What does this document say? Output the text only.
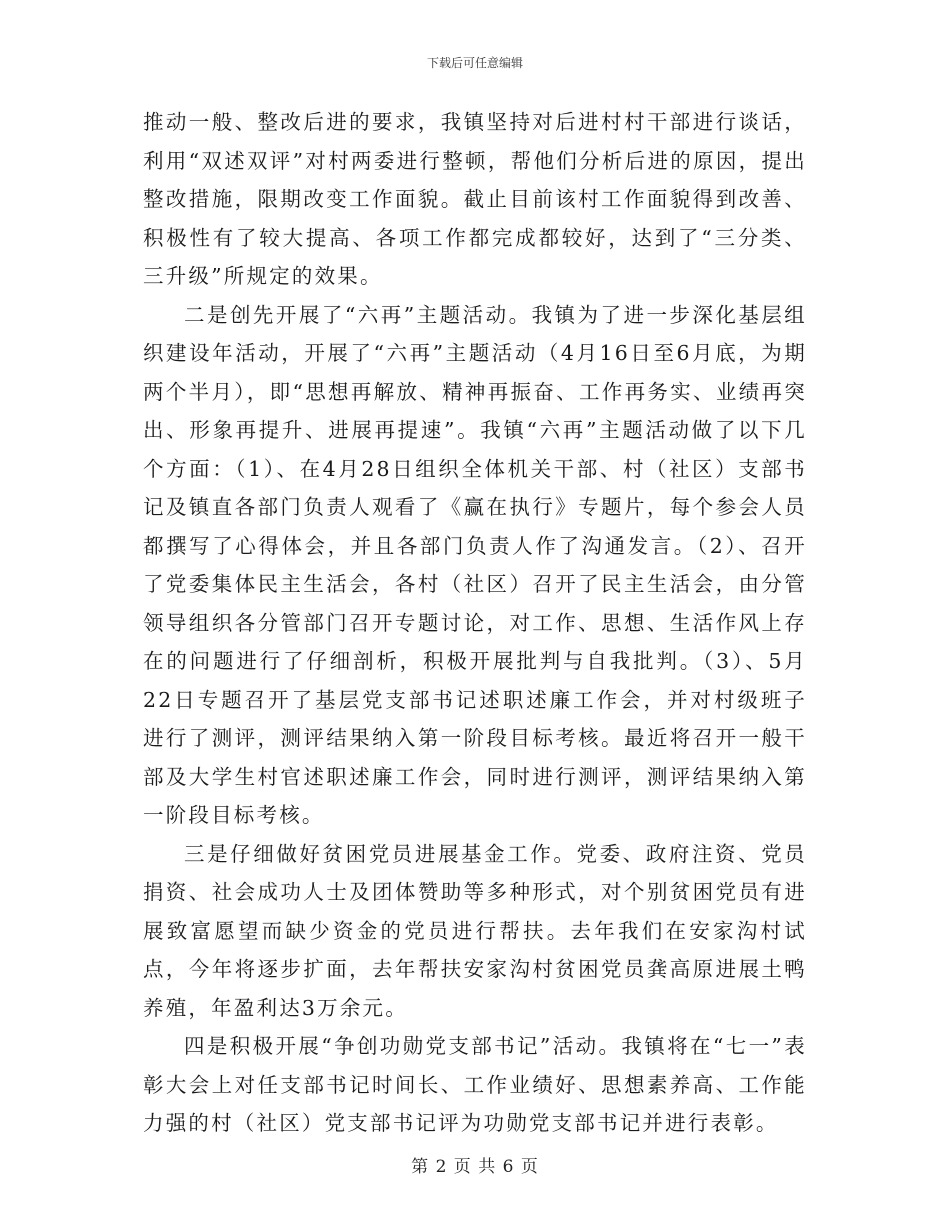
下载后可任意编辑

推动一般、整改后进的要求，我镇坚持对后进村村干部进行谈话，利用“双述双评”对村两委进行整顿，帮他们分析后进的原因，提出整改措施，限期改变工作面貌。截止目前该村工作面貌得到改善、积极性有了较大提高、各项工作都完成都较好，达到了“三分类、三升级”所规定的效果。

二是创先开展了“六再”主题活动。我镇为了进一步深化基层组织建设年活动，开展了“六再”主题活动（4月16日至6月底，为期两个半月），即“思想再解放、精神再振奋、工作再务实、业绩再突出、形象再提升、进展再提速”。我镇“六再”主题活动做了以下几个方面：（1）、在4月28日组织全体机关干部、村（社区）支部书记及镇直各部门负责人观看了《赢在执行》专题片，每个参会人员都撰写了心得体会，并且各部门负责人作了沟通发言。（2）、召开了党委集体民主生活会，各村（社区）召开了民主生活会，由分管领导组织各分管部门召开专题讨论，对工作、思想、生活作风上存在的问题进行了仔细剖析，积极开展批判与自我批判。（3）、5月22日专题召开了基层党支部书记述职述廉工作会，并对村级班子进行了测评，测评结果纳入第一阶段目标考核。最近将召开一般干部及大学生村官述职述廉工作会，同时进行测评，测评结果纳入第一阶段目标考核。

三是仔细做好贫困党员进展基金工作。党委、政府注资、党员捐资、社会成功人士及团体赞助等多种形式，对个别贫困党员有进展致富愿望而缺少资金的党员进行帮扶。去年我们在安家沟村试点，今年将逐步扩面，去年帮扶安家沟村贫困党员龚高原进展土鸭养殖，年盈利达3万余元。

四是积极开展“争创功勋党支部书记”活动。我镇将在“七一”表彰大会上对任支部书记时间长、工作业绩好、思想素养高、工作能力强的村（社区）党支部书记评为功勋党支部书记并进行表彰。

第 2 页 共 6 页
